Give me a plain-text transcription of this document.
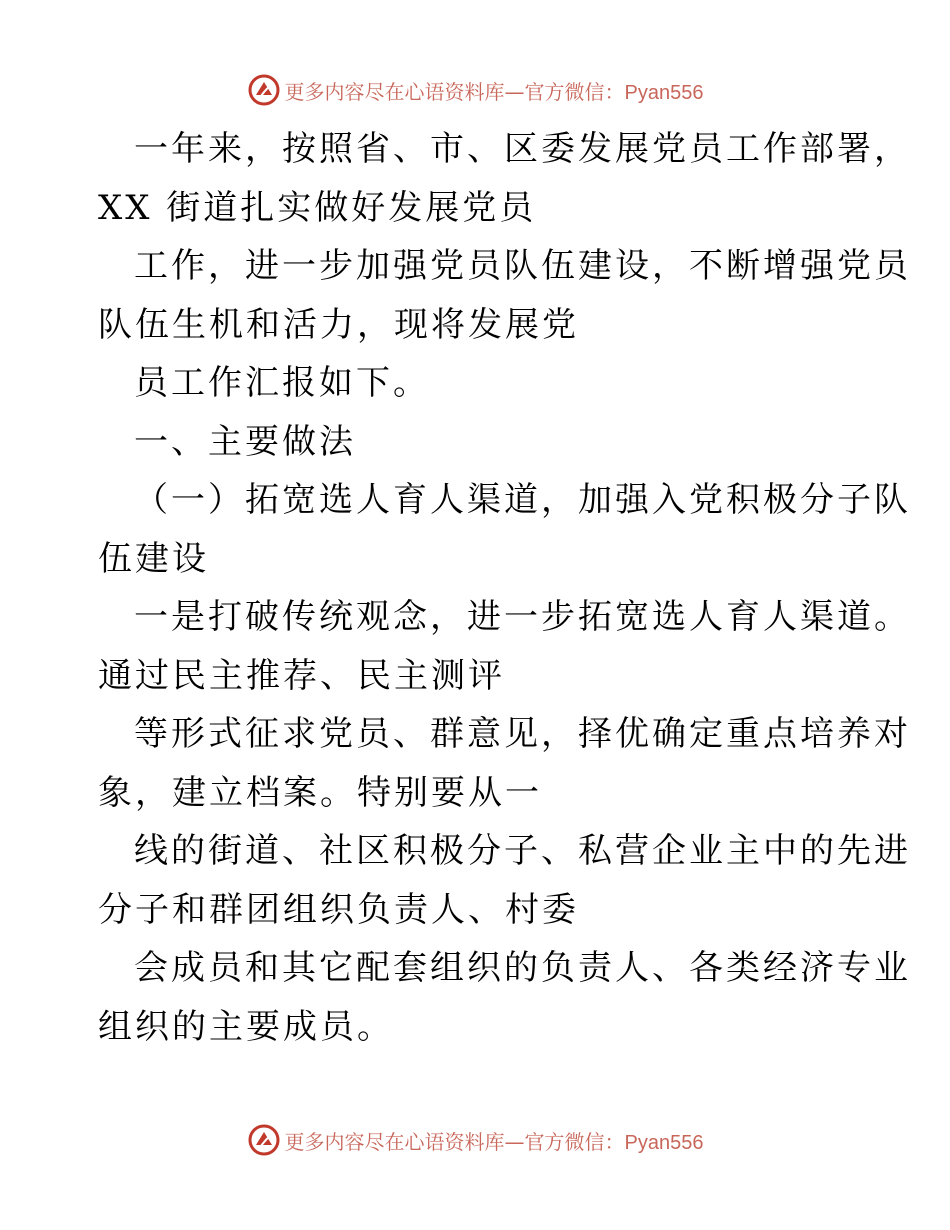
更多内容尽在心语资料库—官方微信：Pyan556

一年来，按照省、市、区委发展党员工作部署，

XX 街道扎实做好发展党员

工作，进一步加强党员队伍建设，不断增强党员

队伍生机和活力，现将发展党

员工作汇报如下。

一、主要做法

（一）拓宽选人育人渠道，加强入党积极分子队

伍建设

一是打破传统观念，进一步拓宽选人育人渠道。

通过民主推荐、民主测评

等形式征求党员、群意见，择优确定重点培养对

象，建立档案。特别要从一

线的街道、社区积极分子、私营企业主中的先进

分子和群团组织负责人、村委

会成员和其它配套组织的负责人、各类经济专业

组织的主要成员。

更多内容尽在心语资料库—官方微信：Pyan556
